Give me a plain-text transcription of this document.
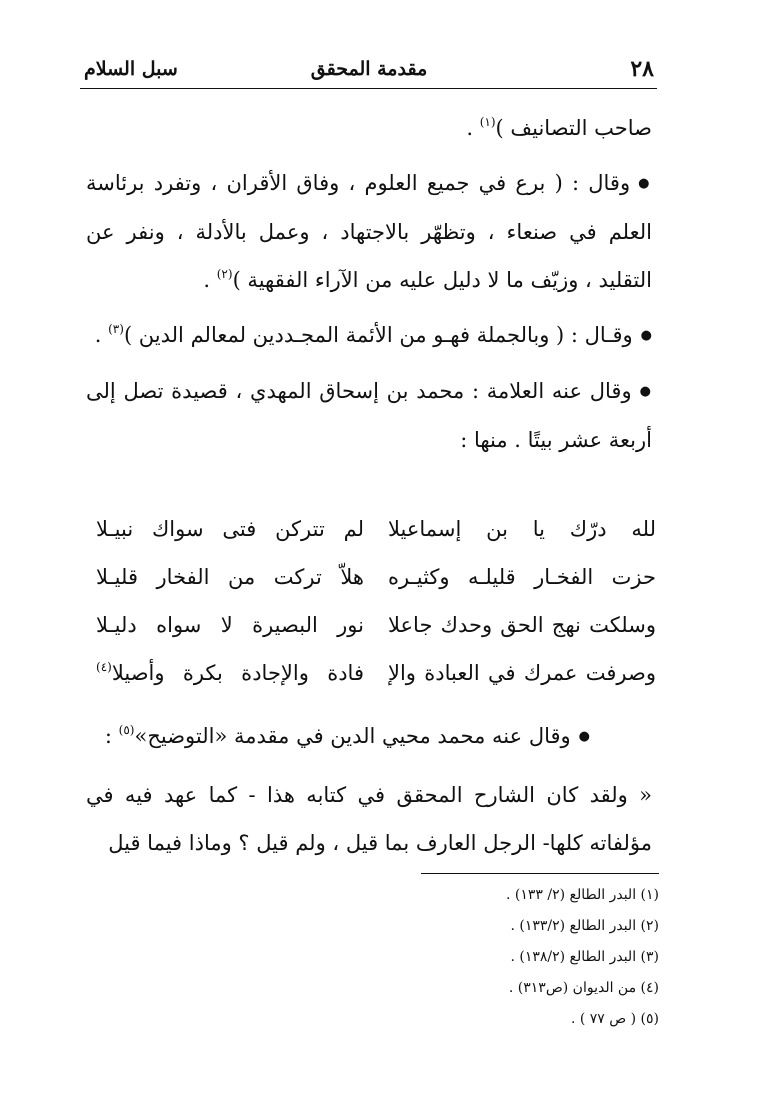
٢٨
مقدمة المحقق
سبل السلام

صاحب التصانيف )$^{(١)}$ .

● وقال : ( برع في جميع العلوم ، وفاق الأقران ، وتفرد برئاسة العلم في صنعاء ، وتظهّر بالاجتهاد ، وعمل بالأدلة ، ونفر عن التقليد ، وزيّف ما لا دليل عليه من الآراء الفقهية )$^{(٢)}$ .

● وقـال : ( وبالجملة فهـو من الأئمة المجـددين لمعالم الدين )$^{(٣)}$ .

● وقال عنه العلامة : محمد بن إسحاق المهدي ، قصيدة تصل إلى أربعة عشر بيتًا . منها :

لله درّك يا بن إسماعيلا
لم تتركن فتى سواك نبيـلا
حزت الفخـار قليلـه وكثيـره
هلاّ تركت من الفخار قليـلا
وسلكت نهج الحق وحدك جاعلا
نور البصيرة لا سواه دليـلا
وصرفت عمرك في العبادة والإ
فادة والإجادة بكرة وأصيلا$^{(٤)}$

● وقال عنه محمد محيي الدين في مقدمة «التوضيح»$^{(٥)}$ :

« ولقد كان الشارح المحقق في كتابه هذا - كما عهد فيه في مؤلفاته كلها- الرجل العارف بما قيل ، ولم قيل ؟ وماذا فيما قيل

(١) البدر الطالع (٢/ ١٣٣) .

(٢) البدر الطالع (١٣٣/٢) .

(٣) البدر الطالع (١٣٨/٢) .

(٤) من الديوان (ص٣١٣) .

(٥) ( ص ٧٧ ) .
